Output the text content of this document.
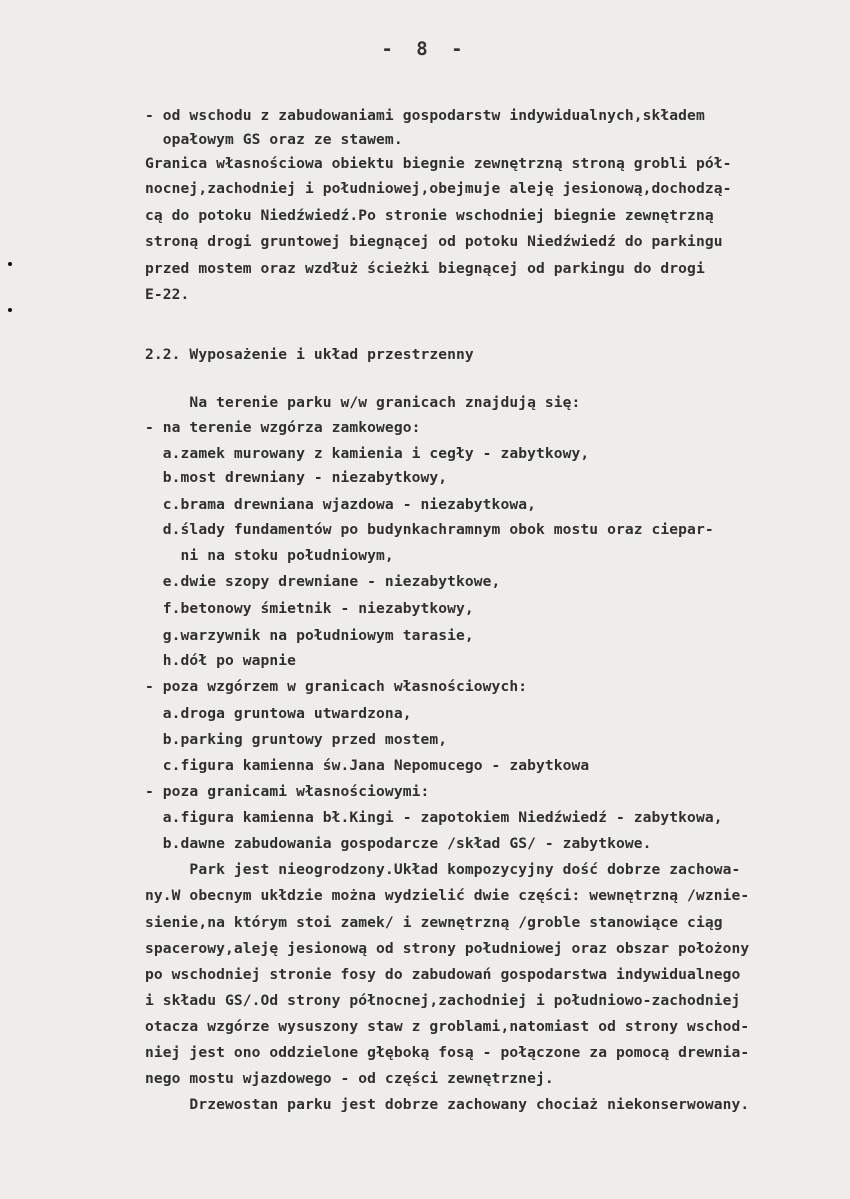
- 8 -
- od wschodu z zabudowaniami gospodarstw indywidualnych,składem
opałowym GS oraz ze stawem.
Granica własnościowa obiektu biegnie zewnętrzną stroną grobli pół-
nocnej,zachodniej i południowej,obejmuje aleję jesionową,dochodzą-
cą do potoku Niedźwiedź.Po stronie wschodniej biegnie zewnętrzną
stroną drogi gruntowej biegnącej od potoku Niedźwiedź do parkingu
przed mostem oraz wzdłuż ścieżki biegnącej od parkingu do drogi
E-22.
2.2. Wyposażenie i układ przestrzenny
Na terenie parku w/w granicach znajdują się:
- na terenie wzgórza zamkowego:
a.zamek murowany z kamienia i cegły - zabytkowy,
b.most drewniany - niezabytkowy,
c.brama drewniana wjazdowa - niezabytkowa,
d.ślady fundamentów po budynkachramnym obok mostu oraz ciepar-
ni na stoku południowym,
e.dwie szopy drewniane - niezabytkowe,
f.betonowy śmietnik - niezabytkowy,
g.warzywnik na południowym tarasie,
h.dół po wapnie
- poza wzgórzem w granicach własnościowych:
a.droga gruntowa utwardzona,
b.parking gruntowy przed mostem,
c.figura kamienna św.Jana Nepomucego - zabytkowa
- poza granicami własnościowymi:
a.figura kamienna bł.Kingi - zapotokiem Niedźwiedź - zabytkowa,
b.dawne zabudowania gospodarcze /skład GS/ - zabytkowe.
Park jest nieogrodzony.Układ kompozycyjny dość dobrze zachowa-
ny.W obecnym ukłdzie można wydzielić dwie części: wewnętrzną /wznie-
sienie,na którym stoi zamek/ i zewnętrzną /groble stanowiące ciąg
spacerowy,aleję jesionową od strony południowej oraz obszar położony
po wschodniej stronie fosy do zabudowań gospodarstwa indywidualnego
i składu GS/.Od strony północnej,zachodniej i południowo-zachodniej
otacza wzgórze wysuszony staw z groblami,natomiast od strony wschod-
niej jest ono oddzielone głęboką fosą - połączone za pomocą drewnia-
nego mostu wjazdowego - od części zewnętrznej.
Drzewostan parku jest dobrze zachowany chociaż niekonserwowany.
